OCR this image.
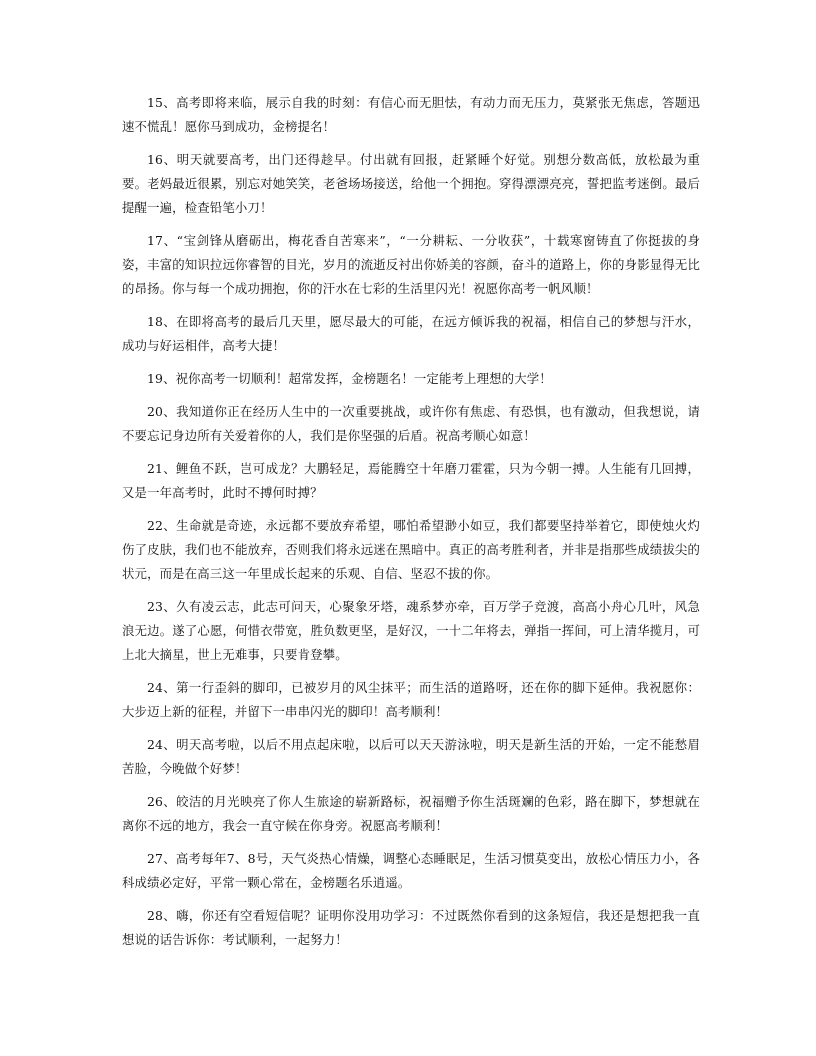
15、高考即将来临，展示自我的时刻：有信心而无胆怯，有动力而无压力，莫紧张无焦虑，答题迅速不慌乱！愿你马到成功，金榜提名！

16、明天就要高考，出门还得趁早。付出就有回报，赶紧睡个好觉。别想分数高低，放松最为重要。老妈最近很累，别忘对她笑笑，老爸场场接送，给他一个拥抱。穿得漂漂亮亮，誓把监考迷倒。最后提醒一遍，检查铅笔小刀！

17、“宝剑锋从磨砺出，梅花香自苦寒来”，“一分耕耘、一分收获”，十载寒窗铸直了你挺拔的身姿，丰富的知识拉远你睿智的目光，岁月的流逝反衬出你娇美的容颜，奋斗的道路上，你的身影显得无比的昂扬。你与每一个成功拥抱，你的汗水在七彩的生活里闪光！祝愿你高考一帆风顺！

18、在即将高考的最后几天里，愿尽最大的可能，在远方倾诉我的祝福，相信自己的梦想与汗水，成功与好运相伴，高考大捷！

19、祝你高考一切顺利！超常发挥，金榜题名！一定能考上理想的大学！

20、我知道你正在经历人生中的一次重要挑战，或许你有焦虑、有恐惧，也有激动，但我想说，请不要忘记身边所有关爱着你的人，我们是你坚强的后盾。祝高考顺心如意！

21、鲤鱼不跃，岂可成龙？大鹏轻足，焉能腾空十年磨刀霍霍，只为今朝一搏。人生能有几回搏，又是一年高考时，此时不搏何时搏？

22、生命就是奇迹，永远都不要放弃希望，哪怕希望渺小如豆，我们都要坚持举着它，即使烛火灼伤了皮肤，我们也不能放弃，否则我们将永远迷在黑暗中。真正的高考胜利者，并非是指那些成绩拔尖的状元，而是在高三这一年里成长起来的乐观、自信、坚忍不拔的你。

23、久有凌云志，此志可问天，心聚象牙塔，魂系梦亦牵，百万学子竞渡，高高小舟心几叶，风急浪无边。遂了心愿，何惜衣带宽，胜负数更坚，是好汉，一十二年将去，弹指一挥间，可上清华揽月，可上北大摘星，世上无难事，只要肯登攀。

24、第一行歪斜的脚印，已被岁月的风尘抹平；而生活的道路呀，还在你的脚下延伸。我祝愿你：大步迈上新的征程，并留下一串串闪光的脚印！高考顺利！

24、明天高考啦，以后不用点起床啦，以后可以天天游泳啦，明天是新生活的开始，一定不能愁眉苦脸，今晚做个好梦！

26、皎洁的月光映亮了你人生旅途的崭新路标，祝福赠予你生活斑斓的色彩，路在脚下，梦想就在离你不远的地方，我会一直守候在你身旁。祝愿高考顺利！

27、高考每年7、8号，天气炎热心情燥，调整心态睡眠足，生活习惯莫变出，放松心情压力小，各科成绩必定好，平常一颗心常在，金榜题名乐逍遥。

28、嗨，你还有空看短信呢？证明你没用功学习：不过既然你看到的这条短信，我还是想把我一直想说的话告诉你：考试顺利，一起努力！
